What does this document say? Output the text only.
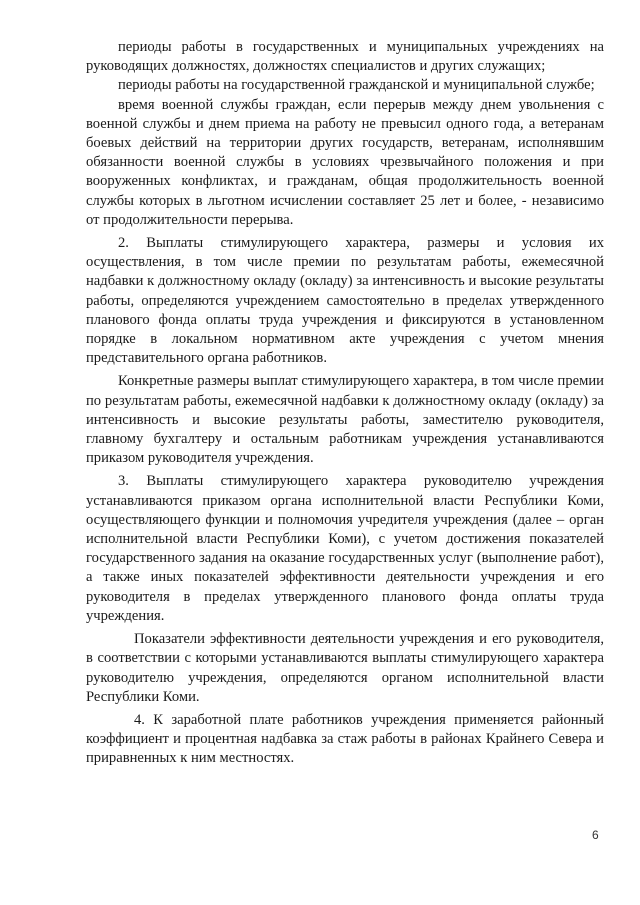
периоды работы в государственных и муниципальных учреждениях на руководящих должностях, должностях специалистов и других служащих;

периоды работы на государственной гражданской и муниципальной службе;

время военной службы граждан, если перерыв между днем увольнения с военной службы и днем приема на работу не превысил одного года, а ветеранам боевых действий на территории других государств, ветеранам, исполнявшим обязанности военной службы в условиях чрезвычайного положения и при вооруженных конфликтах, и гражданам, общая продолжительность военной службы которых в льготном исчислении составляет 25 лет и более, - независимо от продолжительности перерыва.

2. Выплаты стимулирующего характера, размеры и условия их осуществления, в том числе премии по результатам работы, ежемесячной надбавки к должностному окладу (окладу) за интенсивность и высокие результаты работы, определяются учреждением самостоятельно в пределах утвержденного планового фонда оплаты труда учреждения и фиксируются в установленном порядке в локальном нормативном акте учреждения с учетом мнения представительного органа работников.

Конкретные размеры выплат стимулирующего характера, в том числе премии по результатам работы, ежемесячной надбавки к должностному окладу (окладу) за интенсивность и высокие результаты работы, заместителю руководителя, главному бухгалтеру и остальным работникам учреждения устанавливаются приказом руководителя учреждения.

3. Выплаты стимулирующего характера руководителю учреждения устанавливаются приказом органа исполнительной власти Республики Коми, осуществляющего функции и полномочия учредителя учреждения (далее – орган исполнительной власти Республики Коми), с учетом достижения показателей государственного задания на оказание государственных услуг (выполнение работ), а также иных показателей эффективности деятельности учреждения и его руководителя в пределах утвержденного планового фонда оплаты труда учреждения.

Показатели эффективности деятельности учреждения и его руководителя, в соответствии с которыми устанавливаются выплаты стимулирующего характера руководителю учреждения, определяются органом исполнительной власти Республики Коми.

4. К заработной плате работников учреждения применяется районный коэффициент и процентная надбавка за стаж работы в районах Крайнего Севера и приравненных к ним местностях.

6
